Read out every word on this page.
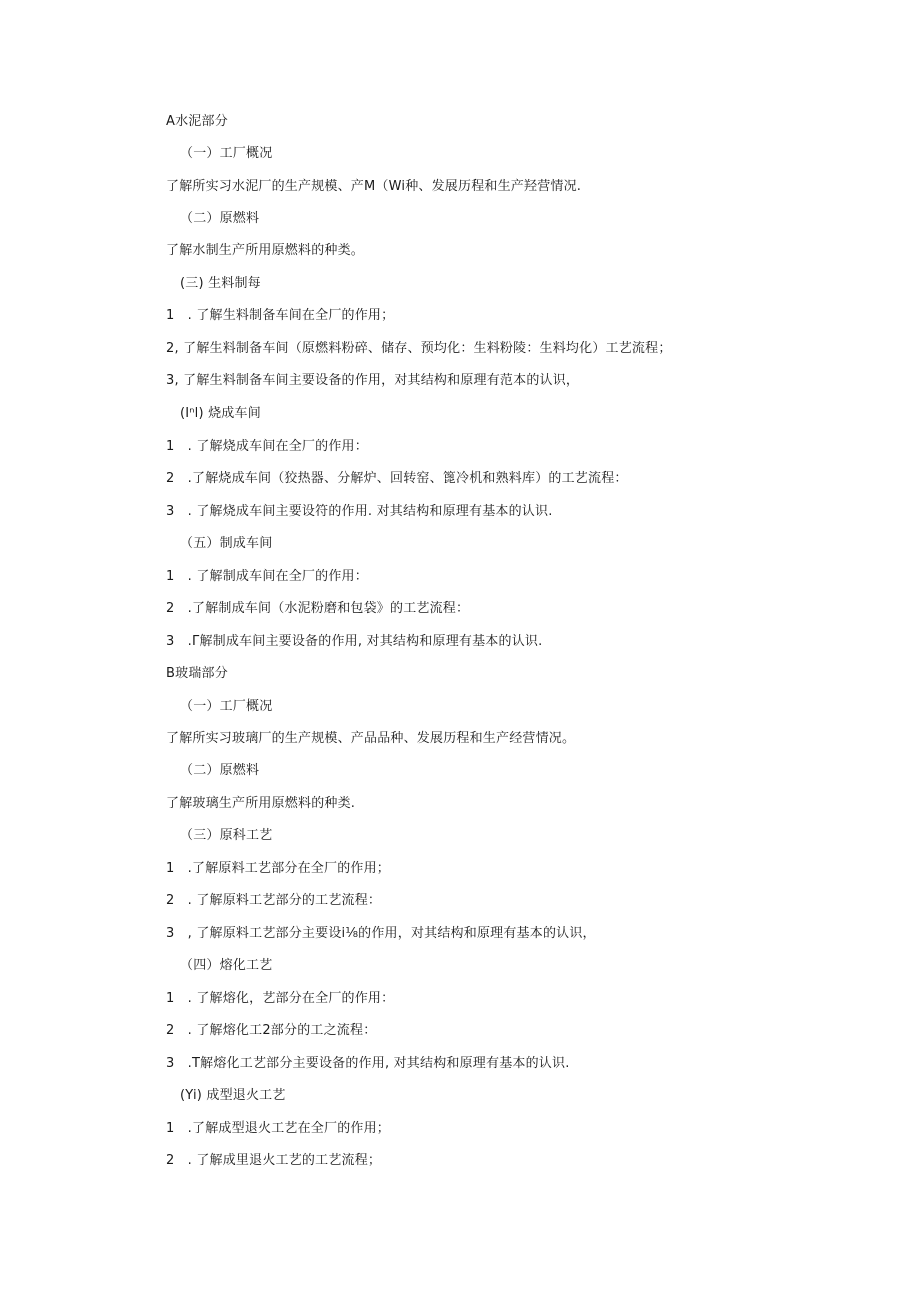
A水泥部分
（一）工厂概况
了解所实习水泥厂的生产规模、产M（Wi种、发展历程和生产羟营情况.
（二）原燃料
了解水制生产所用原燃料的种类。
(三) 生料制每
1　. 了解生料制备车间在全厂的作用；
2, 了解生料制备车间（原燃料粉碎、储存、预均化：生料粉陵：生料均化）工艺流程；
3, 了解生料制备车间主要设备的作用，对其结构和原理有范本的认识，
(Iⁿl) 烧成车间
1　. 了解烧成车间在全厂的作用：
2　.了解烧成车间（狡热器、分解炉、回转窑、篦冷机和熟料库）的工艺流程：
3　. 了解烧成车间主要设符的作用. 对其结构和原理有基本的认识.
（五）制成车间
1　. 了解制成车间在全厂的作用：
2　.了解制成车间（水泥粉磨和包袋》的工艺流程：
3　.Γ解制成车间主要设备的作用, 对其结构和原理有基本的认识.
B玻瑞部分
（一）工厂概况
了解所实习玻璃厂的生产规模、产品品种、发展历程和生产经营情况。
（二）原燃料
了解玻璃生产所用原燃料的种类.
（三）原科工艺
1　.了解原料工艺部分在全厂的作用；
2　. 了解原料工艺部分的工艺流程：
3　, 了解原料工艺部分主要设i⅛的作用，对其结构和原理有基本的认识，
（四）熔化工艺
1　. 了解熔化，艺部分在全厂的作用：
2　. 了解熔化工2部分的工之流程：
3　.T解熔化工艺部分主要设备的作用, 对其结构和原理有基本的认识.
(Yi) 成型退火工艺
1　.了解成型退火工艺在全厂的作用；
2　. 了解成里退火工艺的工艺流程；
